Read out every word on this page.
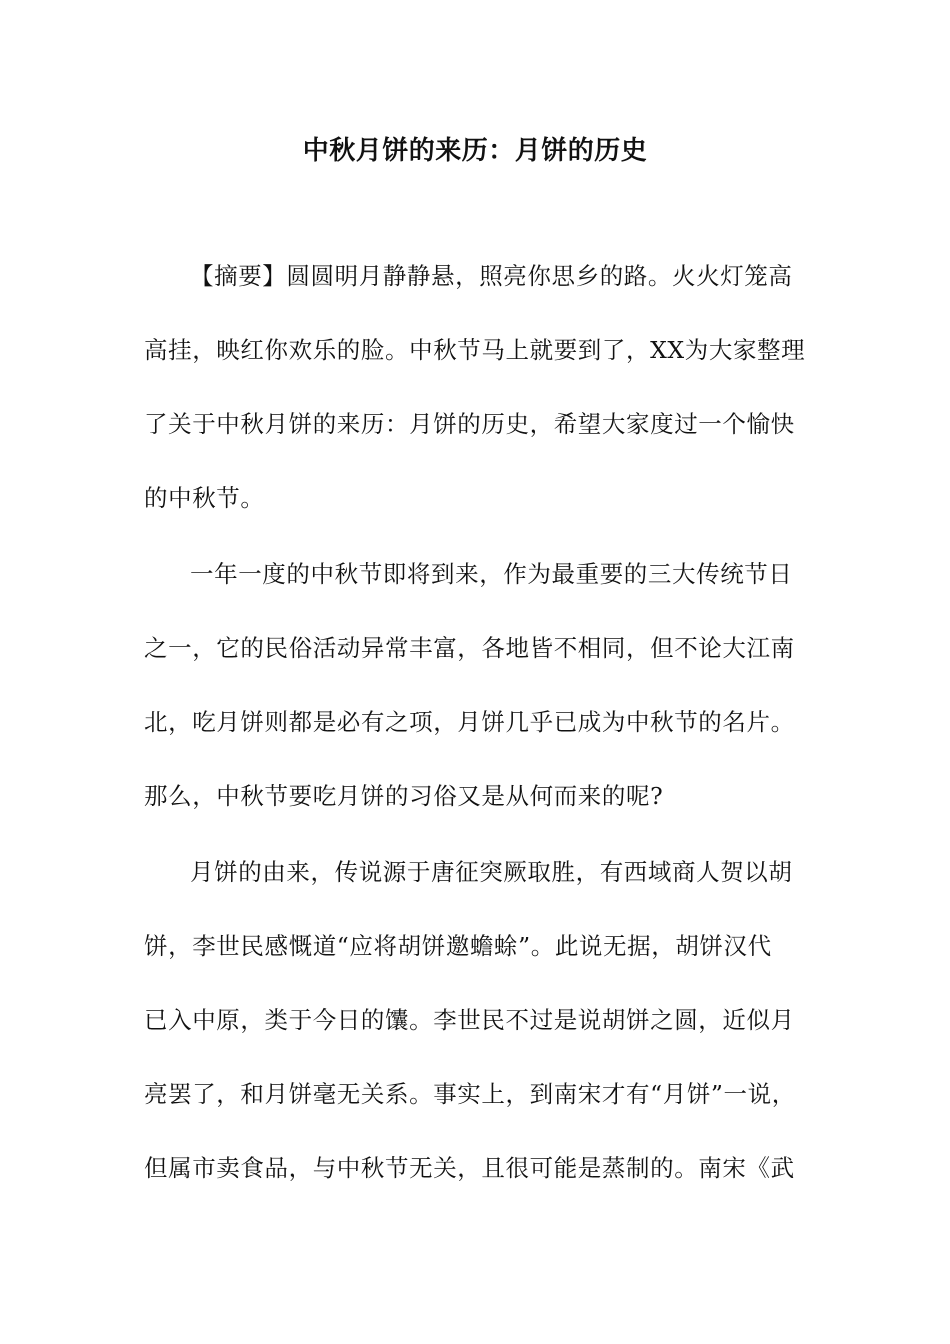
中秋月饼的来历：月饼的历史

【摘要】圆圆明月静静悬，照亮你思乡的路。火火灯笼高

高挂，映红你欢乐的脸。中秋节马上就要到了，XX为大家整理

了关于中秋月饼的来历：月饼的历史，希望大家度过一个愉快

的中秋节。

一年一度的中秋节即将到来，作为最重要的三大传统节日

之一，它的民俗活动异常丰富，各地皆不相同，但不论大江南

北，吃月饼则都是必有之项，月饼几乎已成为中秋节的名片。

那么，中秋节要吃月饼的习俗又是从何而来的呢?

月饼的由来，传说源于唐征突厥取胜，有西域商人贺以胡

饼，李世民感慨道“应将胡饼邀蟾蜍”。此说无据，胡饼汉代

已入中原，类于今日的馕。李世民不过是说胡饼之圆，近似月

亮罢了，和月饼毫无关系。事实上，到南宋才有“月饼”一说，

但属市卖食品，与中秋节无关，且很可能是蒸制的。南宋《武
